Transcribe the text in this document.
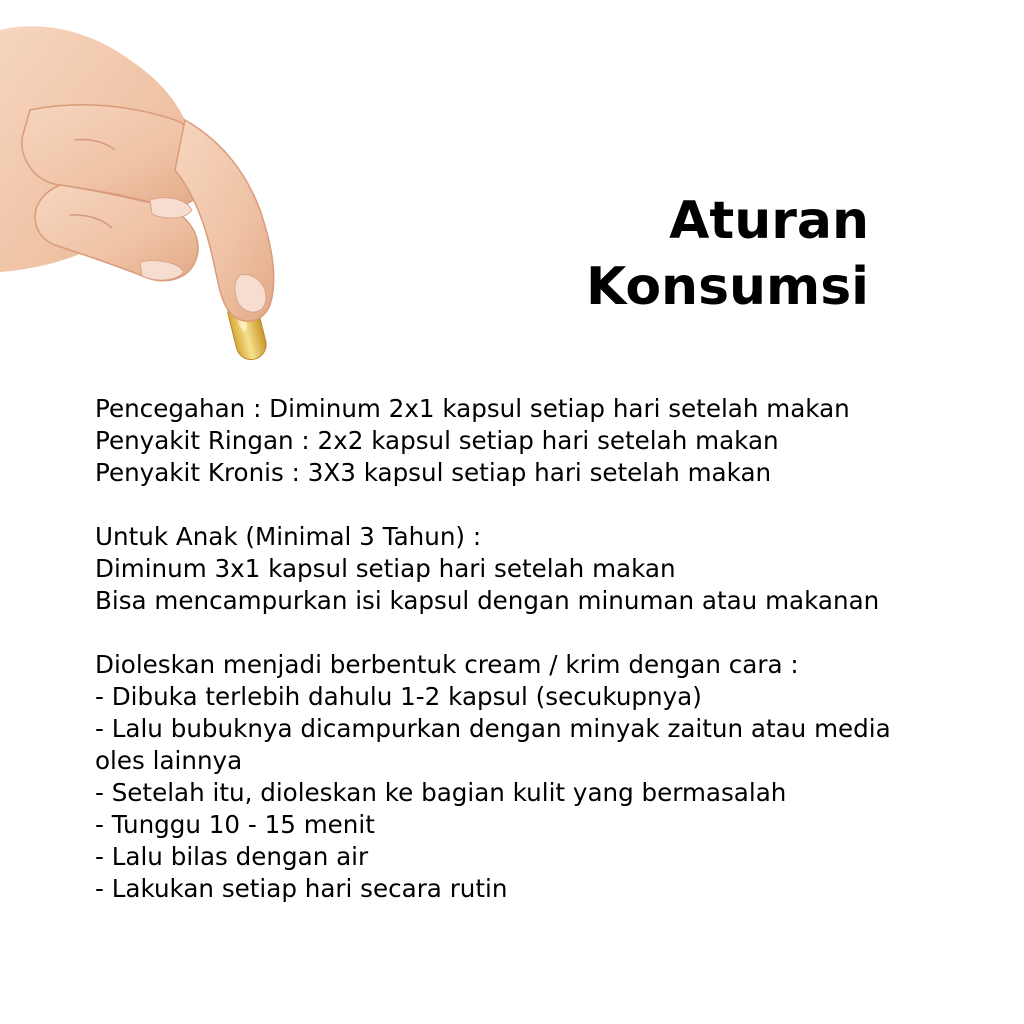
Aturan
Konsumsi
Pencegahan : Diminum 2x1 kapsul setiap hari setelah makan
Penyakit Ringan : 2x2 kapsul setiap hari setelah makan
Penyakit Kronis : 3X3 kapsul setiap hari setelah makan
Untuk Anak (Minimal 3 Tahun) :
Diminum 3x1 kapsul setiap hari setelah makan
Bisa mencampurkan isi kapsul dengan minuman atau makanan
Dioleskan menjadi berbentuk cream / krim dengan cara :
- Dibuka terlebih dahulu 1-2 kapsul (secukupnya)
- Lalu bubuknya dicampurkan dengan minyak zaitun atau media
oles lainnya
- Setelah itu, dioleskan ke bagian kulit yang bermasalah
- Tunggu 10 - 15 menit
- Lalu bilas dengan air
- Lakukan setiap hari secara rutin
